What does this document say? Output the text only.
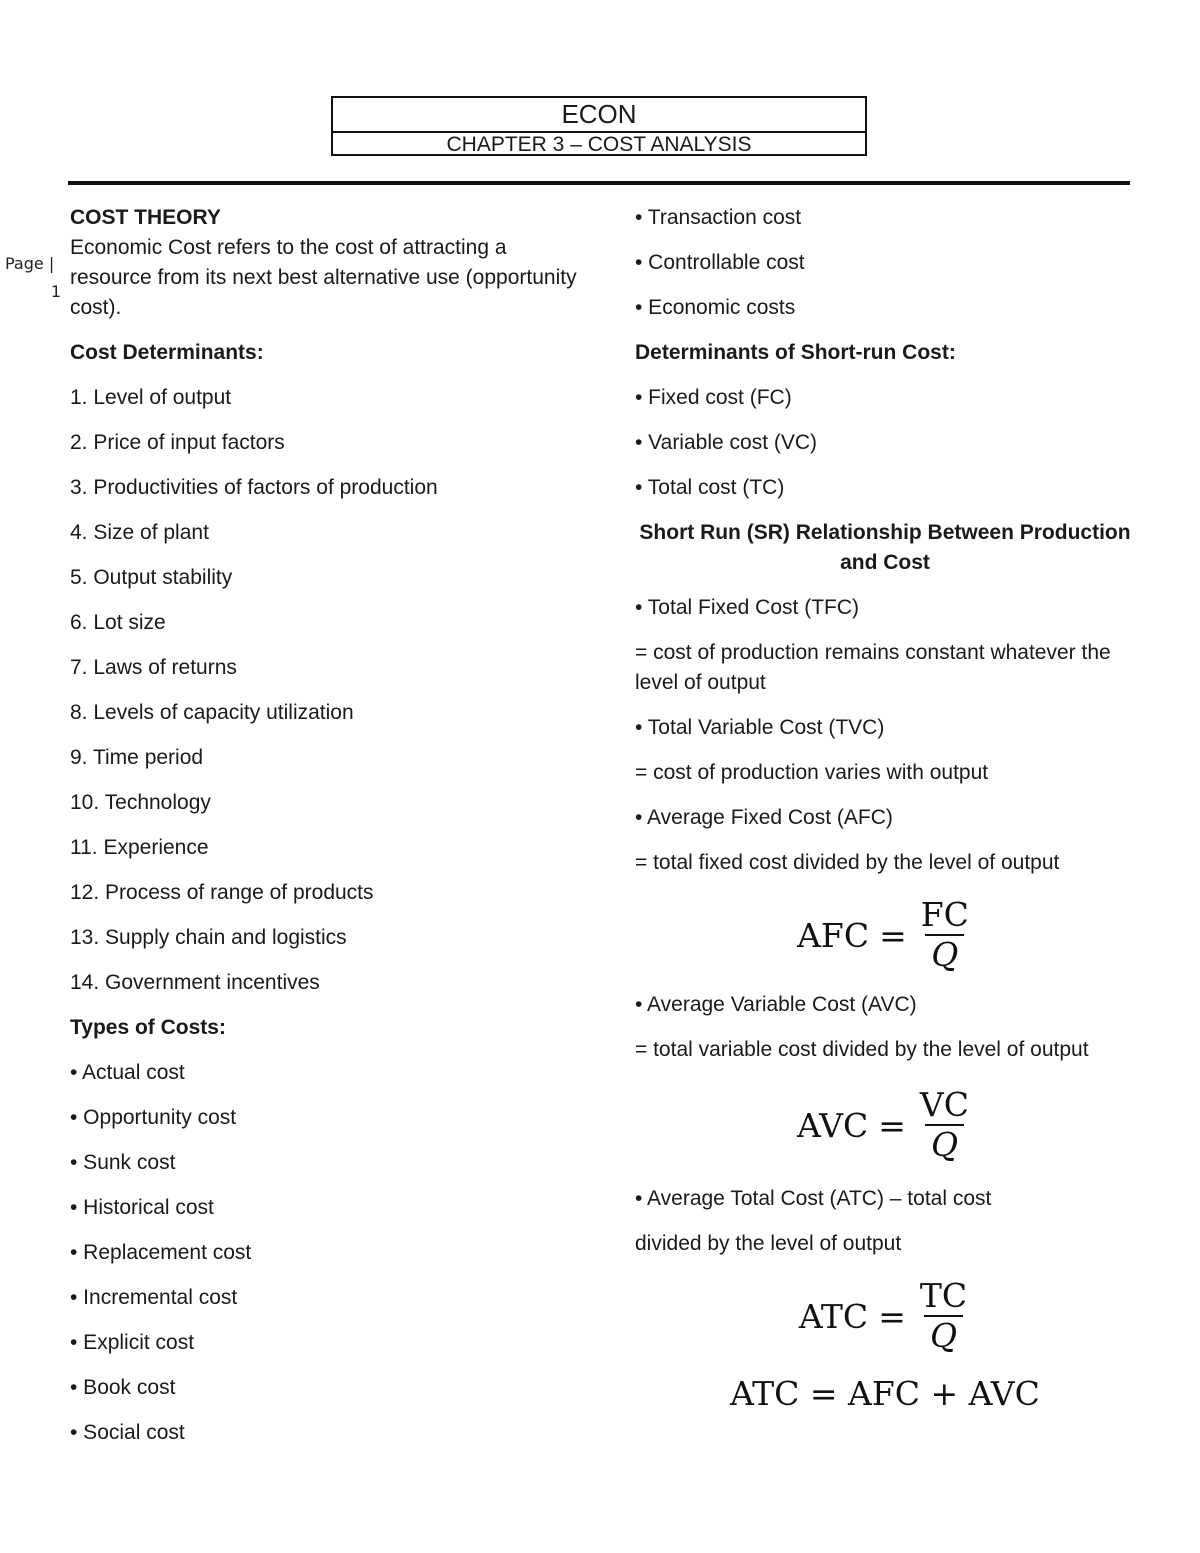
ECON
CHAPTER 3 – COST ANALYSIS
Page |
1

COST THEORY

Economic Cost refers to the cost of attracting a resource from its next best alternative use (opportunity cost).

Cost Determinants:

1. Level of output

2. Price of input factors

3. Productivities of factors of production

4. Size of plant

5. Output stability

6. Lot size

7. Laws of returns

8. Levels of capacity utilization

9. Time period

10. Technology

11. Experience

12. Process of range of products

13. Supply chain and logistics

14. Government incentives

Types of Costs:

• Actual cost

• Opportunity cost

• Sunk cost

• Historical cost

• Replacement cost

• Incremental cost

• Explicit cost

• Book cost

• Social cost

• Transaction cost

• Controllable cost

• Economic costs

Determinants of Short-run Cost:

• Fixed cost (FC)

• Variable cost (VC)

• Total cost (TC)

Short Run (SR) Relationship Between Production and Cost

• Total Fixed Cost (TFC)

= cost of production remains constant whatever the level of output

• Total Variable Cost (TVC)

= cost of production varies with output

• Average Fixed Cost (AFC)

= total fixed cost divided by the level of output

AFC = $\frac{FC}{Q}$

• Average Variable Cost (AVC)

= total variable cost divided by the level of output

AVC = $\frac{VC}{Q}$

• Average Total Cost (ATC) – total cost

divided by the level of output

ATC = $\frac{TC}{Q}$
ATC = AFC + AVC
